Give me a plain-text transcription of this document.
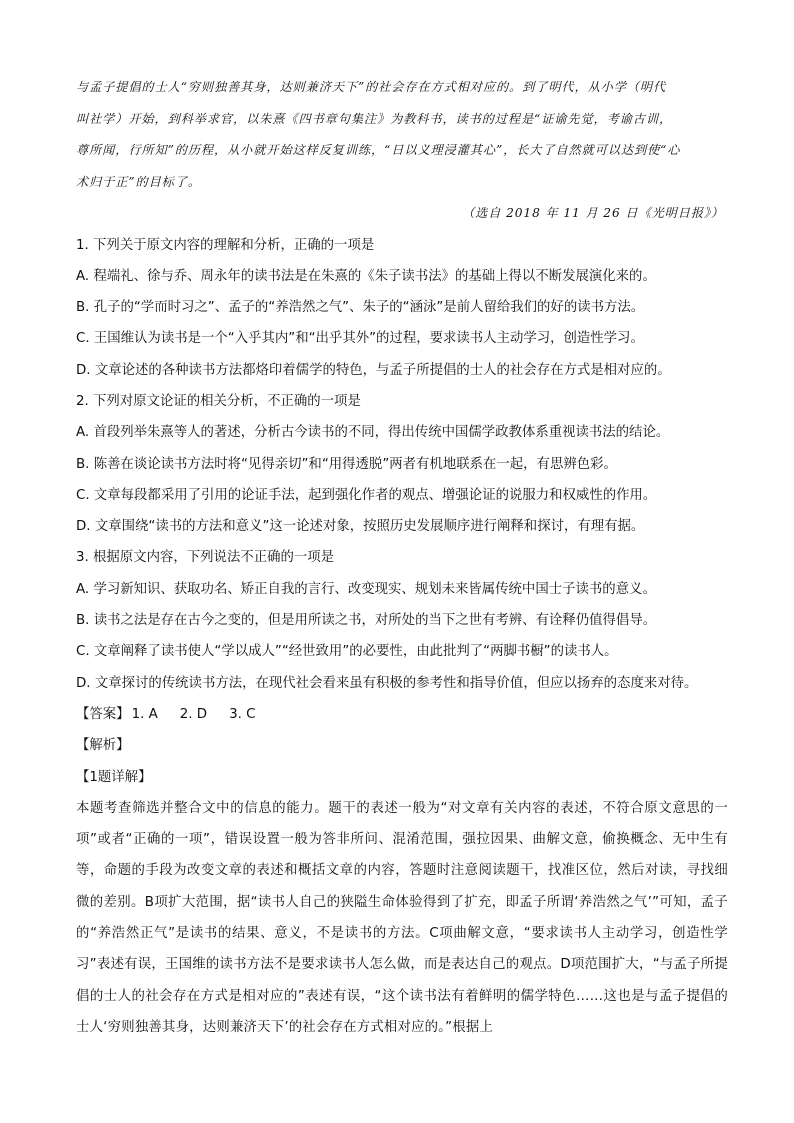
与孟子提倡的士人“穷则独善其身，达则兼济天下”的社会存在方式相对应的。到了明代，从小学（明代

叫社学）开始，到科举求官，以朱熹《四书章句集注》为教科书，读书的过程是“证谕先觉，考谕古训，

尊所闻，行所知”的历程，从小就开始这样反复训练，“日以义理浸灌其心”，长大了自然就可以达到使“心

术归于正”的目标了。

（选自 2018 年 11 月 26 日《光明日报》）

1. 下列关于原文内容的理解和分析，正确的一项是

A. 程端礼、徐与乔、周永年的读书法是在朱熹的《朱子读书法》的基础上得以不断发展演化来的。

B. 孔子的“学而时习之”、孟子的“养浩然之气”、朱子的“涵泳”是前人留给我们的好的读书方法。

C. 王国维认为读书是一个“入乎其内”和“出乎其外”的过程，要求读书人主动学习，创造性学习。

D. 文章论述的各种读书方法都烙印着儒学的特色，与孟子所提倡的士人的社会存在方式是相对应的。

2. 下列对原文论证的相关分析，不正确的一项是

A. 首段列举朱熹等人的著述，分析古今读书的不同，得出传统中国儒学政教体系重视读书法的结论。

B. 陈善在谈论读书方法时将“见得亲切”和“用得透脱”两者有机地联系在一起，有思辨色彩。

C. 文章每段都采用了引用的论证手法，起到强化作者的观点、增强论证的说服力和权威性的作用。

D. 文章围绕“读书的方法和意义”这一论述对象，按照历史发展顺序进行阐释和探讨，有理有据。

3. 根据原文内容，下列说法不正确的一项是

A. 学习新知识、获取功名、矫正自我的言行、改变现实、规划未来皆属传统中国士子读书的意义。

B. 读书之法是存在古今之变的，但是用所读之书，对所处的当下之世有考辨、有诠释仍值得倡导。

C. 文章阐释了读书使人“学以成人”“经世致用”的必要性，由此批判了“两脚书橱”的读书人。

D. 文章探讨的传统读书方法，在现代社会看来虽有积极的参考性和指导价值，但应以扬弃的态度来对待。

【答案】 1. A 2. D 3. C

【解析】

【1题详解】

本题考查筛选并整合文中的信息的能力。题干的表述一般为“对文章有关内容的表述，不符合原文意思的一项”或者“正确的一项”，错误设置一般为答非所问、混淆范围，强拉因果、曲解文意，偷换概念、无中生有等，命题的手段为改变文章的表述和概括文章的内容，答题时注意阅读题干，找准区位，然后对读，寻找细微的差别。B项扩大范围，据“读书人自己的狭隘生命体验得到了扩充，即孟子所谓‘养浩然之气’”可知，孟子的“养浩然正气”是读书的结果、意义，不是读书的方法。C项曲解文意，“要求读书人主动学习，创造性学习”表述有误，王国维的读书方法不是要求读书人怎么做，而是表达自己的观点。D项范围扩大，“与孟子所提倡的士人的社会存在方式是相对应的”表述有误，“这个读书法有着鲜明的儒学特色……这也是与孟子提倡的士人‘穷则独善其身，达则兼济天下’的社会存在方式相对应的。”根据上
